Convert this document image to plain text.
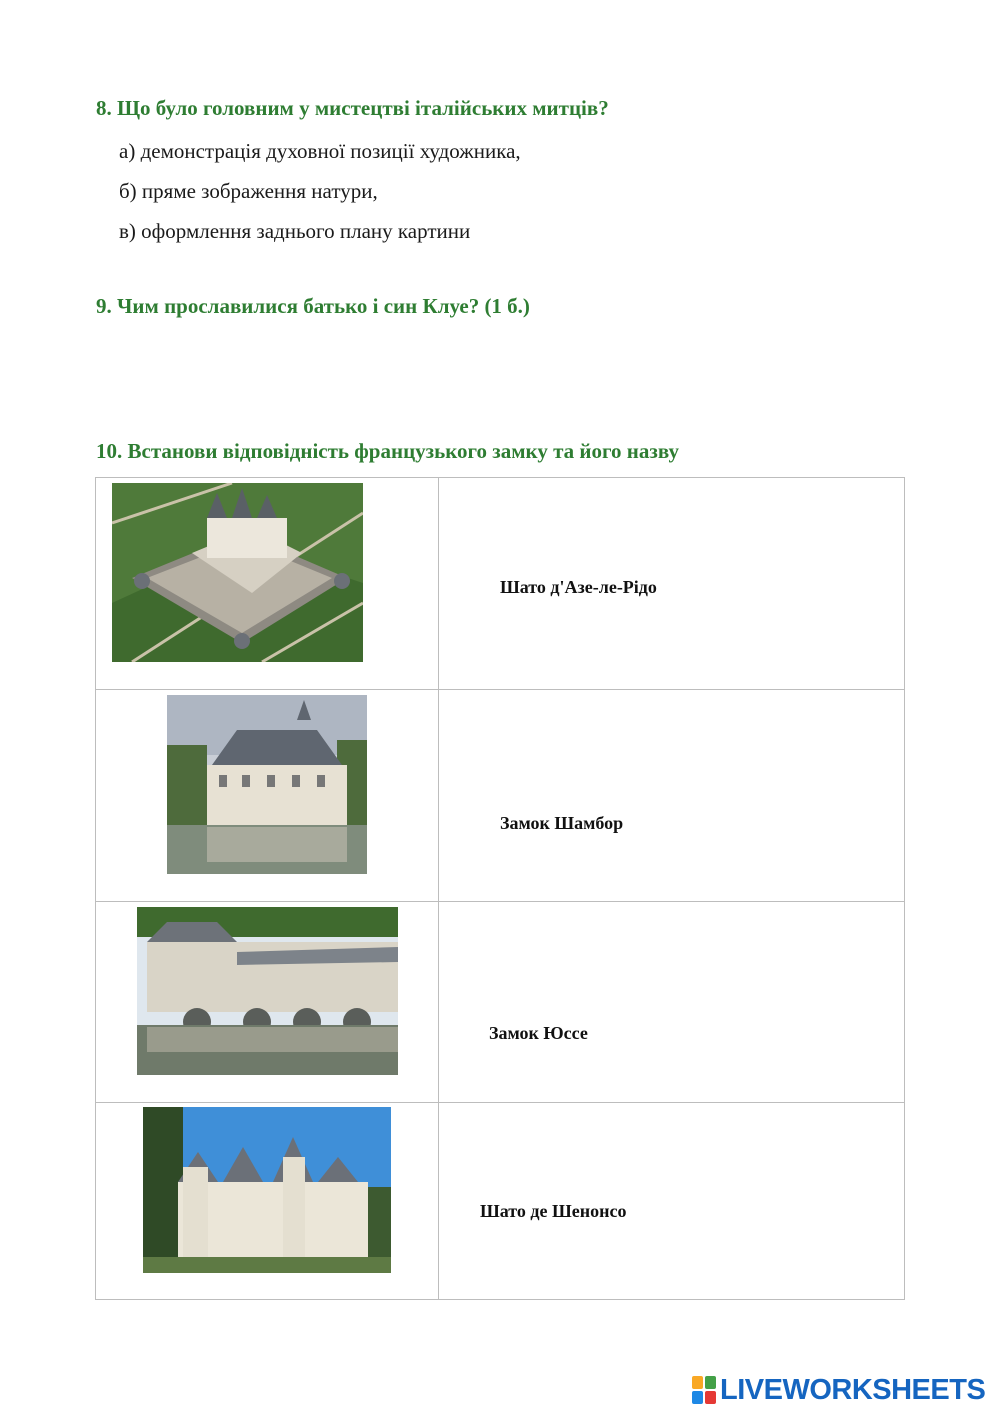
8. Що було головним у мистецтві італійських митців?
а) демонстрація духовної позиції художника,
б) пряме зображення натури,
в) оформлення заднього плану картини
9. Чим прославилися батько і син Клуе? (1 б.)
10. Встанови відповідність французького замку та його назву

Шато д'Азе-ле-Рідо

Замок Шамбор

Замок Юссе

Шато де Шенонсо
LIVEWORKSHEETS
